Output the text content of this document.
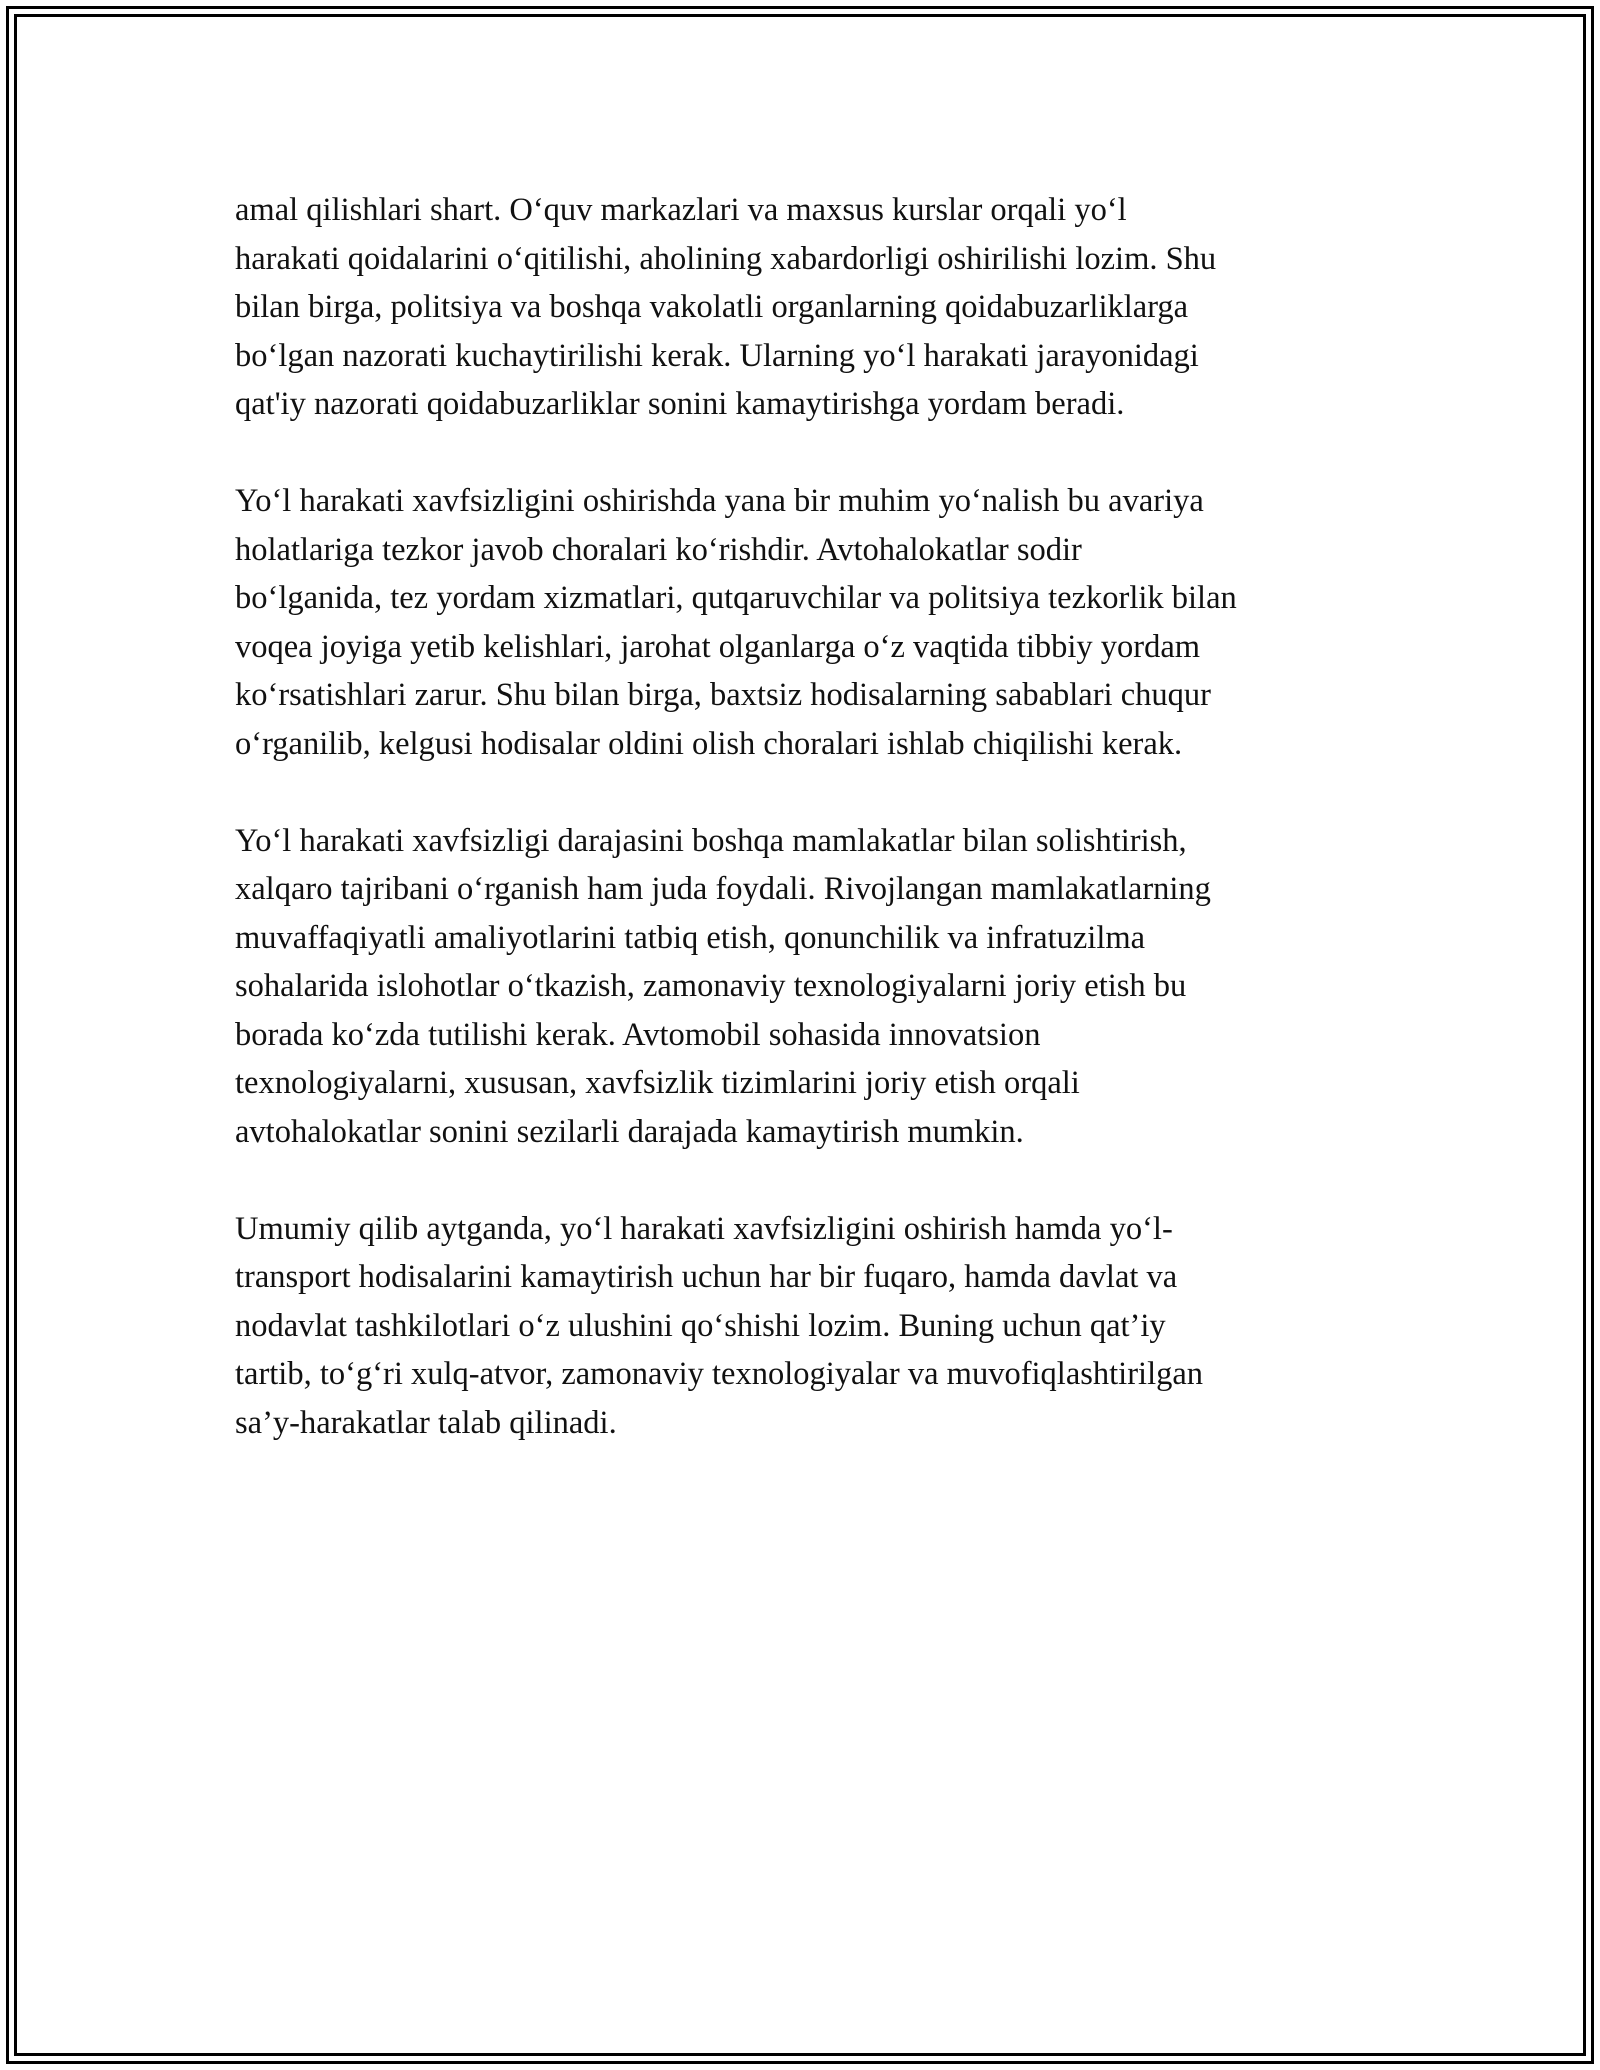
amal qilishlari shart. O‘quv markazlari va maxsus kurslar orqali yo‘l
harakati qoidalarini o‘qitilishi, aholining xabardorligi oshirilishi lozim. Shu
bilan birga, politsiya va boshqa vakolatli organlarning qoidabuzarliklarga
bo‘lgan nazorati kuchaytirilishi kerak. Ularning yo‘l harakati jarayonidagi
qat'iy nazorati qoidabuzarliklar sonini kamaytirishga yordam beradi.

Yo‘l harakati xavfsizligini oshirishda yana bir muhim yo‘nalish bu avariya
holatlariga tezkor javob choralari ko‘rishdir. Avtohalokatlar sodir
bo‘lganida, tez yordam xizmatlari, qutqaruvchilar va politsiya tezkorlik bilan
voqea joyiga yetib kelishlari, jarohat olganlarga o‘z vaqtida tibbiy yordam
ko‘rsatishlari zarur. Shu bilan birga, baxtsiz hodisalarning sabablari chuqur
o‘rganilib, kelgusi hodisalar oldini olish choralari ishlab chiqilishi kerak.

Yo‘l harakati xavfsizligi darajasini boshqa mamlakatlar bilan solishtirish,
xalqaro tajribani o‘rganish ham juda foydali. Rivojlangan mamlakatlarning
muvaffaqiyatli amaliyotlarini tatbiq etish, qonunchilik va infratuzilma
sohalarida islohotlar o‘tkazish, zamonaviy texnologiyalarni joriy etish bu
borada ko‘zda tutilishi kerak. Avtomobil sohasida innovatsion
texnologiyalarni, xususan, xavfsizlik tizimlarini joriy etish orqali
avtohalokatlar sonini sezilarli darajada kamaytirish mumkin.

Umumiy qilib aytganda, yo‘l harakati xavfsizligini oshirish hamda yo‘l-
transport hodisalarini kamaytirish uchun har bir fuqaro, hamda davlat va
nodavlat tashkilotlari o‘z ulushini qo‘shishi lozim. Buning uchun qat’iy
tartib, to‘g‘ri xulq-atvor, zamonaviy texnologiyalar va muvofiqlashtirilgan
sa’y-harakatlar talab qilinadi.
